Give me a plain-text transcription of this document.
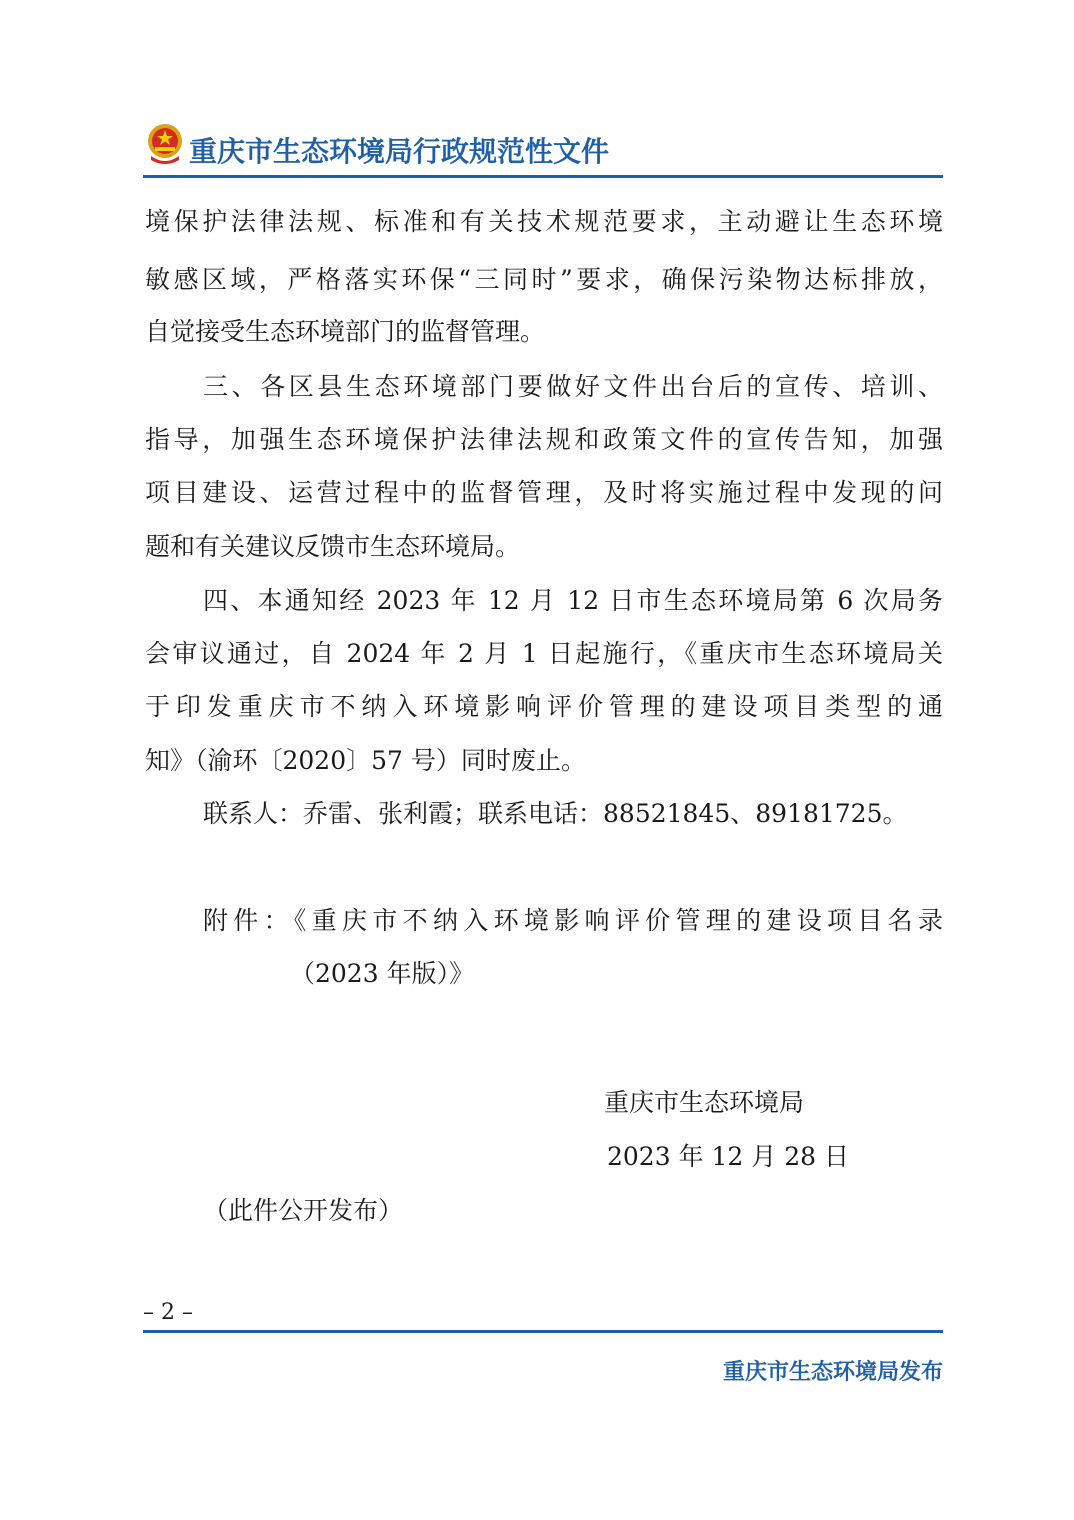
重庆市生态环境局行政规范性文件
境保护法律法规、标准和有关技术规范要求，主动避让生态环境
敏感区域，严格落实环保“三同时”要求，确保污染物达标排放，
自觉接受生态环境部门的监督管理。
三、各区县生态环境部门要做好文件出台后的宣传、培训、
指导，加强生态环境保护法律法规和政策文件的宣传告知，加强
项目建设、运营过程中的监督管理，及时将实施过程中发现的问
题和有关建议反馈市生态环境局。
四、本通知经 2023 年 12 月 12 日市生态环境局第 6 次局务
会审议通过，自 2024 年 2 月 1 日起施行，《重庆市生态环境局关
于印发重庆市不纳入环境影响评价管理的建设项目类型的通
知》（渝环〔2020〕57 号）同时废止。
联系人：乔雷、张利霞；联系电话：88521845、89181725。
附件：《重庆市不纳入环境影响评价管理的建设项目名录
（2023 年版）》
重庆市生态环境局
2023 年 12 月 28 日
（此件公开发布）
– 2 –
重庆市生态环境局发布
